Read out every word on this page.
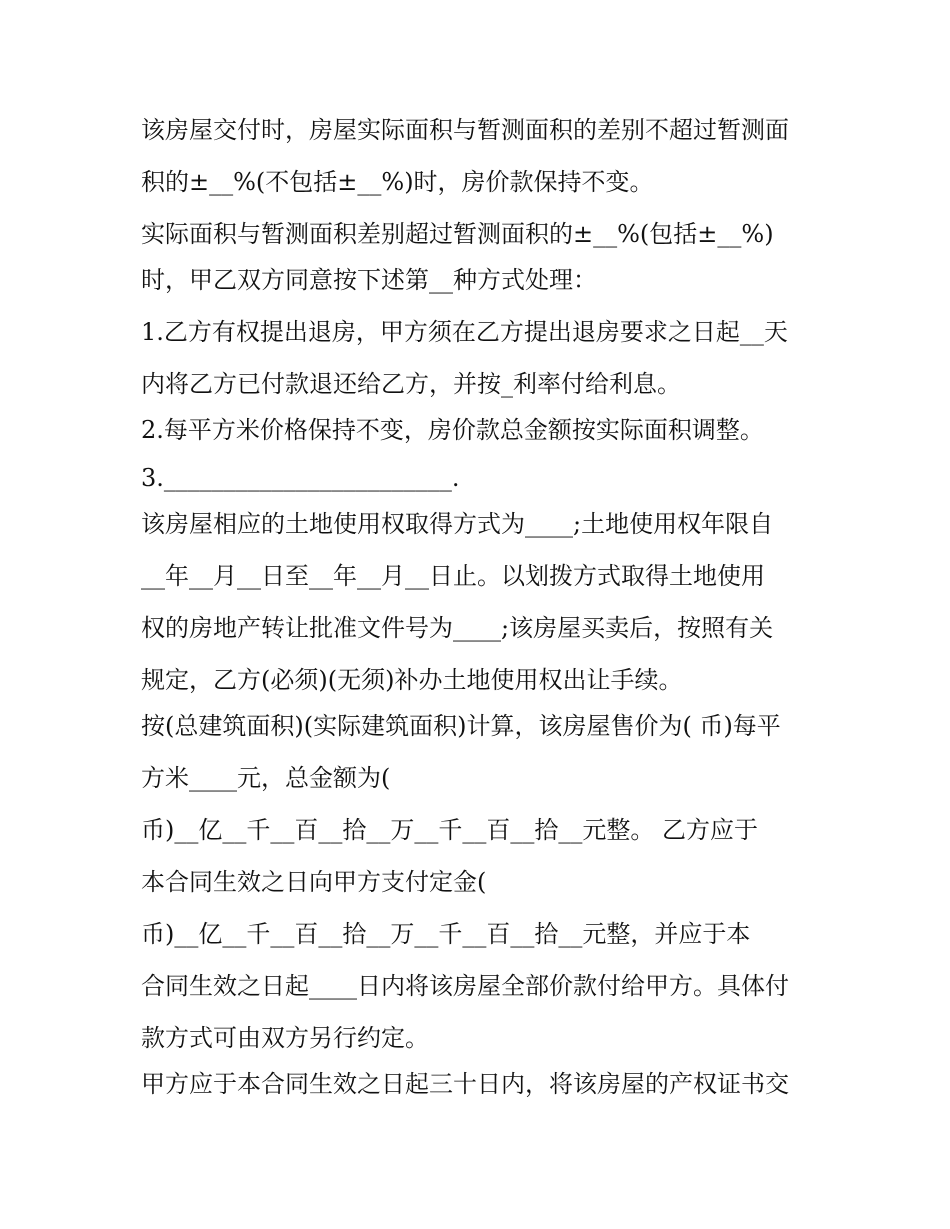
该房屋交付时，房屋实际面积与暂测面积的差别不超过暂测面
积的±__%(不包括±__%)时，房价款保持不变。
实际面积与暂测面积差别超过暂测面积的±__%(包括±__%)
时，甲乙双方同意按下述第__种方式处理：
1.乙方有权提出退房，甲方须在乙方提出退房要求之日起__天
内将乙方已付款退还给乙方，并按_利率付给利息。
2.每平方米价格保持不变，房价款总金额按实际面积调整。
3.________________________.
该房屋相应的土地使用权取得方式为____;土地使用权年限自
__年__月__日至__年__月__日止。以划拨方式取得土地使用
权的房地产转让批准文件号为____;该房屋买卖后，按照有关
规定，乙方(必须)(无须)补办土地使用权出让手续。
按(总建筑面积)(实际建筑面积)计算，该房屋售价为( 币)每平
方米____元，总金额为(
币)__亿__千__百__拾__万__千__百__拾__元整。 乙方应于
本合同生效之日向甲方支付定金(
币)__亿__千__百__拾__万__千__百__拾__元整，并应于本
合同生效之日起____日内将该房屋全部价款付给甲方。具体付
款方式可由双方另行约定。
甲方应于本合同生效之日起三十日内，将该房屋的产权证书交
